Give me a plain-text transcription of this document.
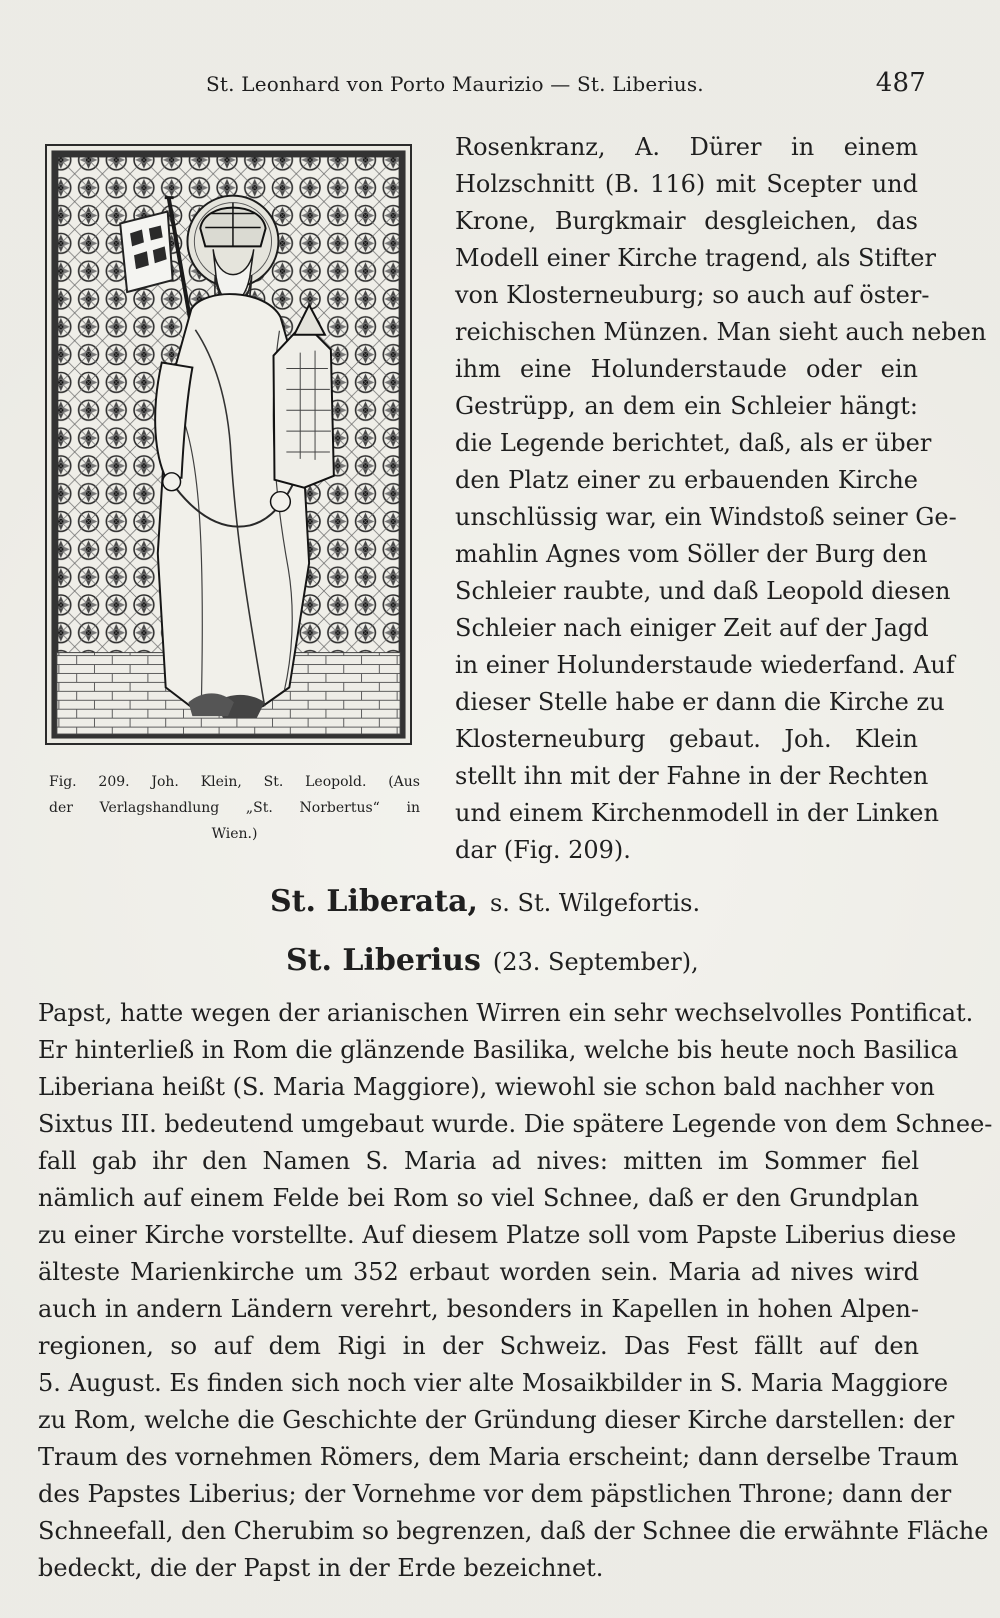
St. Leonhard von Porto Maurizio — St. Liberius.	487
Fig. 209. Joh. Klein, St. Leopold. (Aus
der Verlagshandlung „St. Norbertus“ in
Wien.)
Rosenkranz, A. Dürer in einem
Holzschnitt (B. 116) mit Scepter und
Krone, Burgkmair desgleichen, das
Modell einer Kirche tragend, als Stifter
von Klosterneuburg; so auch auf öster-
reichischen Münzen. Man sieht auch neben
ihm eine Holunderstaude oder ein
Gestrüpp, an dem ein Schleier hängt:
die Legende berichtet, daß, als er über
den Platz einer zu erbauenden Kirche
unschlüssig war, ein Windstoß seiner Ge-
mahlin Agnes vom Söller der Burg den
Schleier raubte, und daß Leopold diesen
Schleier nach einiger Zeit auf der Jagd
in einer Holunderstaude wiederfand. Auf
dieser Stelle habe er dann die Kirche zu
Klosterneuburg gebaut. Joh. Klein
stellt ihn mit der Fahne in der Rechten
und einem Kirchenmodell in der Linken
dar (Fig. 209).
St. Liberata, s. St. Wilgefortis.
St. Liberius (23. September),
Papst, hatte wegen der arianischen Wirren ein sehr wechselvolles Pontificat.
Er hinterließ in Rom die glänzende Basilika, welche bis heute noch Basilica
Liberiana heißt (S. Maria Maggiore), wiewohl sie schon bald nachher von
Sixtus III. bedeutend umgebaut wurde. Die spätere Legende von dem Schnee-
fall gab ihr den Namen S. Maria ad nives: mitten im Sommer fiel
nämlich auf einem Felde bei Rom so viel Schnee, daß er den Grundplan
zu einer Kirche vorstellte. Auf diesem Platze soll vom Papste Liberius diese
älteste Marienkirche um 352 erbaut worden sein. Maria ad nives wird
auch in andern Ländern verehrt, besonders in Kapellen in hohen Alpen-
regionen, so auf dem Rigi in der Schweiz. Das Fest fällt auf den
5. August. Es finden sich noch vier alte Mosaikbilder in S. Maria Maggiore
zu Rom, welche die Geschichte der Gründung dieser Kirche darstellen: der
Traum des vornehmen Römers, dem Maria erscheint; dann derselbe Traum
des Papstes Liberius; der Vornehme vor dem päpstlichen Throne; dann der
Schneefall, den Cherubim so begrenzen, daß der Schnee die erwähnte Fläche
bedeckt, die der Papst in der Erde bezeichnet.
